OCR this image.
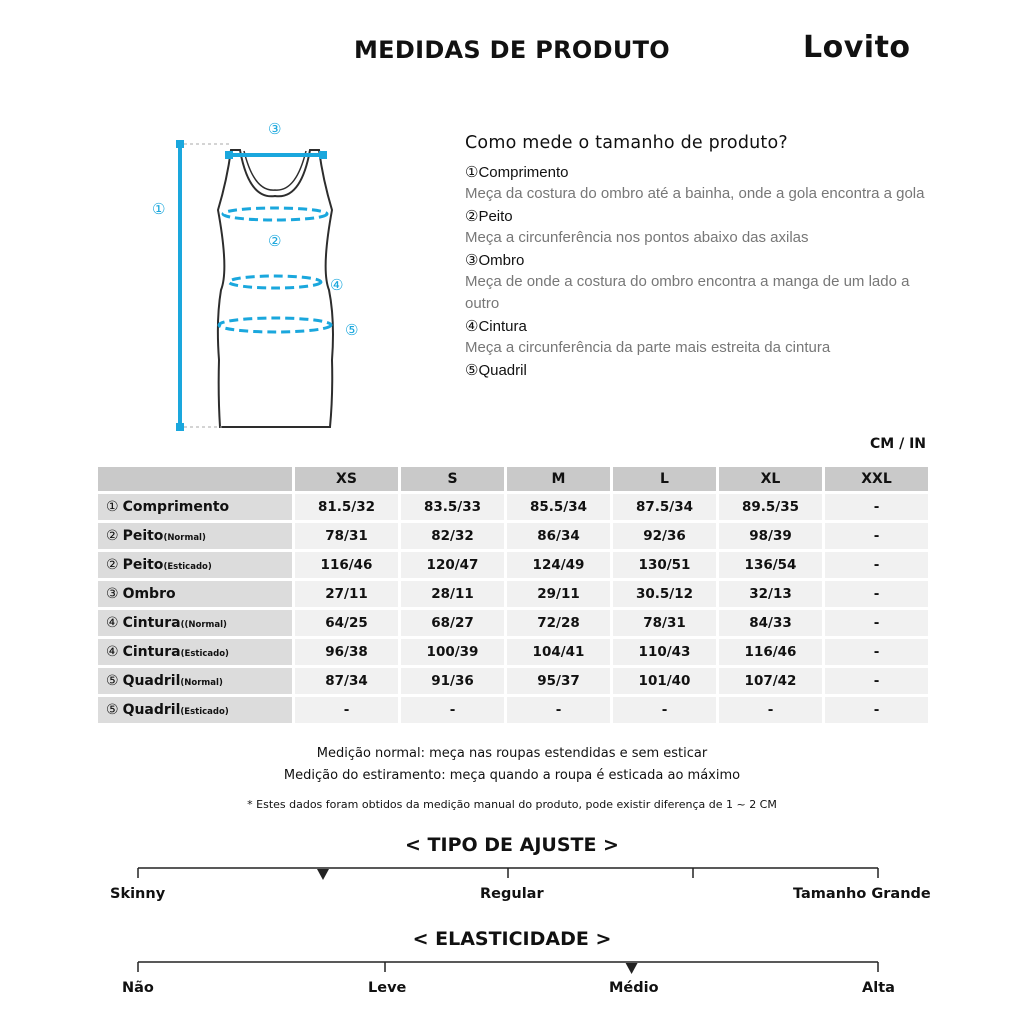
MEDIDAS DE PRODUTO	Lovito
①
②
③
④
⑤
Como mede o tamanho de produto?
①Comprimento
Meça da costura do ombro até a bainha, onde a gola encontra a gola
②Peito
Meça a circunferência nos pontos abaixo das axilas
③Ombro
Meça de onde a costura do ombro encontra a manga de um lado a outro
④Cintura
Meça a circunferência da parte mais estreita da cintura
⑤Quadril
CM / IN
	XS	S	M	L	XL	XXL
① Comprimento	81.5/32	83.5/33	85.5/34	87.5/34	89.5/35	-
② Peito(Normal)	78/31	82/32	86/34	92/36	98/39	-
② Peito(Esticado)	116/46	120/47	124/49	130/51	136/54	-
③ Ombro	27/11	28/11	29/11	30.5/12	32/13	-
④ Cintura((Normal)	64/25	68/27	72/28	78/31	84/33	-
④ Cintura(Esticado)	96/38	100/39	104/41	110/43	116/46	-
⑤ Quadril(Normal)	87/34	91/36	95/37	101/40	107/42	-
⑤ Quadril(Esticado)	-	-	-	-	-	-
Medição normal: meça nas roupas estendidas e sem esticar
Medição do estiramento: meça quando a roupa é esticada ao máximo
* Estes dados foram obtidos da medição manual do produto, pode existir diferença de 1 ~ 2 CM
< TIPO DE AJUSTE >
Skinny	Regular	Tamanho Grande
< ELASTICIDADE >
Não	Leve	Médio	Alta
